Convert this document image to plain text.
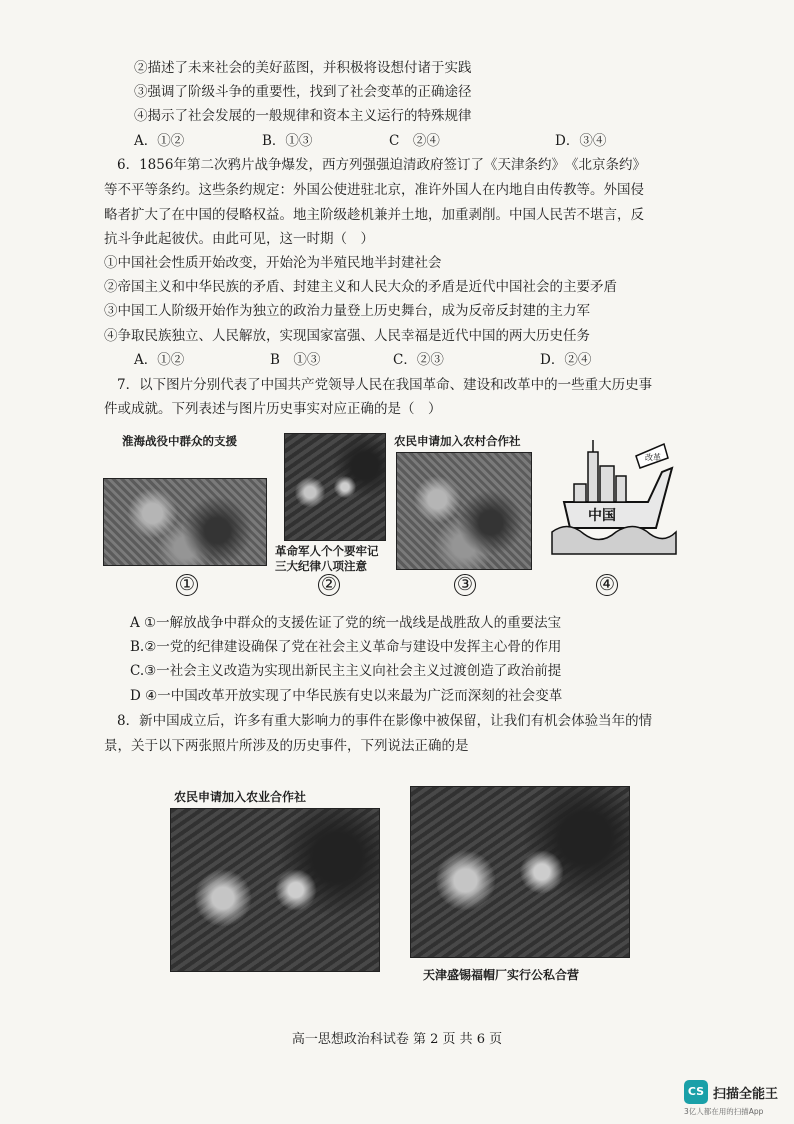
②描述了未来社会的美好蓝图，并积极将设想付诸于实践
③强调了阶级斗争的重要性，找到了社会变革的正确途径
④揭示了社会发展的一般规律和资本主义运行的特殊规律
A．①②	B．①③	C　②④	D．③④
6．1856年第二次鸦片战争爆发，西方列强强迫清政府签订了《天津条约》　《北京条约》
等不平等条约。这些条约规定：外国公使进驻北京，准许外国人在内地自由传教等。外国侵
略者扩大了在中国的侵略权益。地主阶级趁机兼并土地，加重剥削。中国人民苦不堪言，反
抗斗争此起彼伏。由此可见，这一时期（　）
①中国社会性质开始改变，开始沦为半殖民地半封建社会
②帝国主义和中华民族的矛盾、封建主义和人民大众的矛盾是近代中国社会的主要矛盾
③中国工人阶级开始作为独立的政治力量登上历史舞台，成为反帝反封建的主力军
④争取民族独立、人民解放，实现国家富强、人民幸福是近代中国的两大历史任务
A．①②	B　①③	C．②③	D．②④
7．以下图片分别代表了中国共产党领导人民在我国革命、建设和改革中的一些重大历史事
件或成就。下列表述与图片历史事实对应正确的是（　）
淮海战役中群众的支援
革命军人个个要牢记
三大纪律八项注意
农民申请加入农村合作社
中国
改革
①	②	③	④
A ①一解放战争中群众的支援佐证了党的统一战线是战胜敌人的重要法宝
B.②一党的纪律建设确保了党在社会主义革命与建设中发挥主心骨的作用
C.③一社会主义改造为实现出新民主主义向社会主义过渡创造了政治前提
D ④一中国改革开放实现了中华民族有史以来最为广泛而深刻的社会变革
8．新中国成立后，许多有重大影响力的事件在影像中被保留，让我们有机会体验当年的情
景，关于以下两张照片所涉及的历史事件，下列说法正确的是
农民申请加入农业合作社
天津盛锡福帽厂实行公私合营
高一思想政治科试卷 第 2 页 共 6 页
CS 扫描全能王
3亿人都在用的扫描App
